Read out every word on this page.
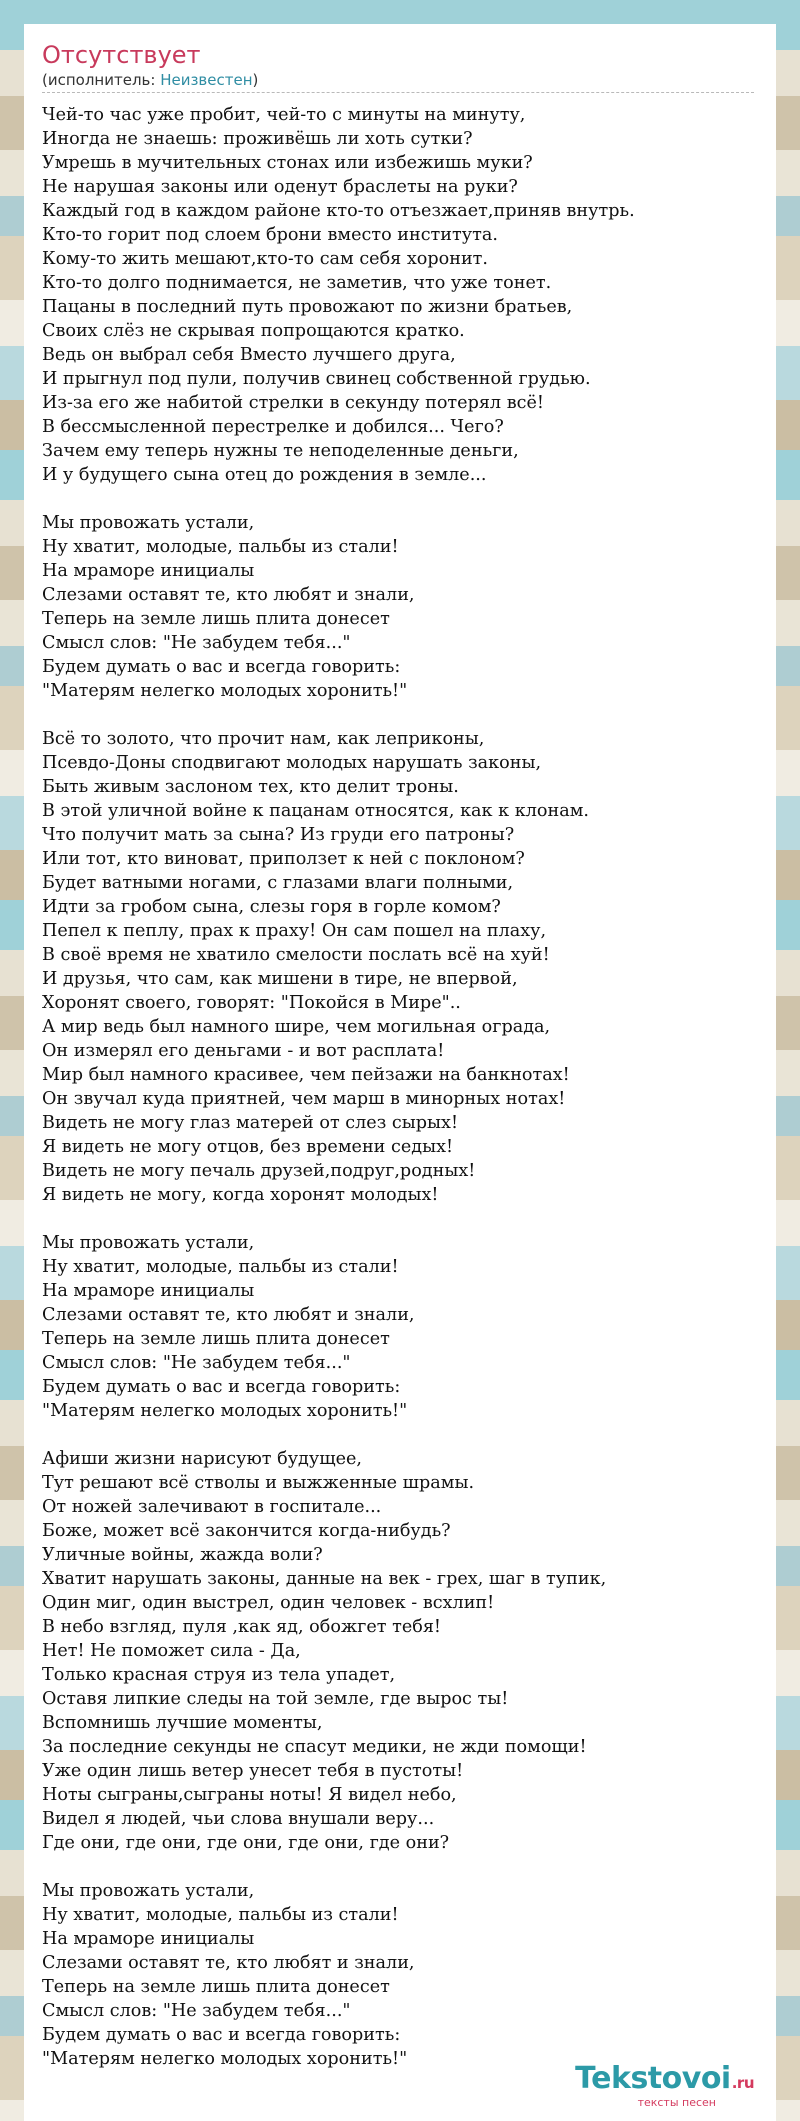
Отсутствует
(исполнитель: Неизвестен)
Чей-то час уже пробит, чей-то с минуты на минуту,
Иногда не знаешь: проживёшь ли хоть сутки?
Умрешь в мучительных стонах или избежишь муки?
Не нарушая законы или оденут браслеты на руки?
Каждый год в каждом районе кто-то отъезжает,приняв внутрь.
Кто-то горит под слоем брони вместо института.
Кому-то жить мешают,кто-то сам себя хоронит.
Кто-то долго поднимается, не заметив, что уже тонет.
Пацаны в последний путь провожают по жизни братьев,
Своих слёз не скрывая попрощаются кратко.
Ведь он выбрал себя Вместо лучшего друга,
И прыгнул под пули, получив свинец собственной грудью.
Из-за его же набитой стрелки в секунду потерял всё!
В бессмысленной перестрелке и добился... Чего?
Зачем ему теперь нужны те неподеленные деньги,
И у будущего сына отец до рождения в земле...
Мы провожать устали,
Ну хватит, молодые, пальбы из стали!
На мраморе инициалы
Слезами оставят те, кто любят и знали,
Теперь на земле лишь плита донесет
Смысл слов: "Не забудем тебя..."
Будем думать о вас и всегда говорить:
"Матерям нелегко молодых хоронить!"
Всё то золото, что прочит нам, как леприконы,
Псевдо-Доны сподвигают молодых нарушать законы,
Быть живым заслоном тех, кто делит троны.
В этой уличной войне к пацанам относятся, как к клонам.
Что получит мать за сына? Из груди его патроны?
Или тот, кто виноват, приползет к ней с поклоном?
Будет ватными ногами, с глазами влаги полными,
Идти за гробом сына, слезы горя в горле комом?
Пепел к пеплу, прах к праху! Он сам пошел на плаху,
В своё время не хватило смелости послать всё на хуй!
И друзья, что сам, как мишени в тире, не впервой,
Хоронят своего, говорят: "Покойся в Мире"..
А мир ведь был намного шире, чем могильная ограда,
Он измерял его деньгами - и вот расплата!
Мир был намного красивее, чем пейзажи на банкнотах!
Он звучал куда приятней, чем марш в минорных нотах!
Видеть не могу глаз матерей от слез сырых!
Я видеть не могу отцов, без времени седых!
Видеть не могу печаль друзей,подруг,родных!
Я видеть не могу, когда хоронят молодых!
Мы провожать устали,
Ну хватит, молодые, пальбы из стали!
На мраморе инициалы
Слезами оставят те, кто любят и знали,
Теперь на земле лишь плита донесет
Смысл слов: "Не забудем тебя..."
Будем думать о вас и всегда говорить:
"Матерям нелегко молодых хоронить!"
Афиши жизни нарисуют будущее,
Тут решают всё стволы и выжженные шрамы.
От ножей залечивают в госпитале...
Боже, может всё закончится когда-нибудь?
Уличные войны, жажда воли?
Хватит нарушать законы, данные на век - грех, шаг в тупик,
Один миг, один выстрел, один человек - всхлип!
В небо взгляд, пуля ,как яд, обожгет тебя!
Нет! Не поможет сила - Да,
Только красная струя из тела упадет,
Оставя липкие следы на той земле, где вырос ты!
Вспомнишь лучшие моменты,
За последние секунды не спасут медики, не жди помощи!
Уже один лишь ветер унесет тебя в пустоты!
Ноты сыграны,сыграны ноты! Я видел небо,
Видел я людей, чьи слова внушали веру...
Где они, где они, где они, где они, где они?
Мы провожать устали,
Ну хватит, молодые, пальбы из стали!
На мраморе инициалы
Слезами оставят те, кто любят и знали,
Теперь на земле лишь плита донесет
Смысл слов: "Не забудем тебя..."
Будем думать о вас и всегда говорить:
"Матерям нелегко молодых хоронить!"
Tekstovoi.ru
тексты песен
